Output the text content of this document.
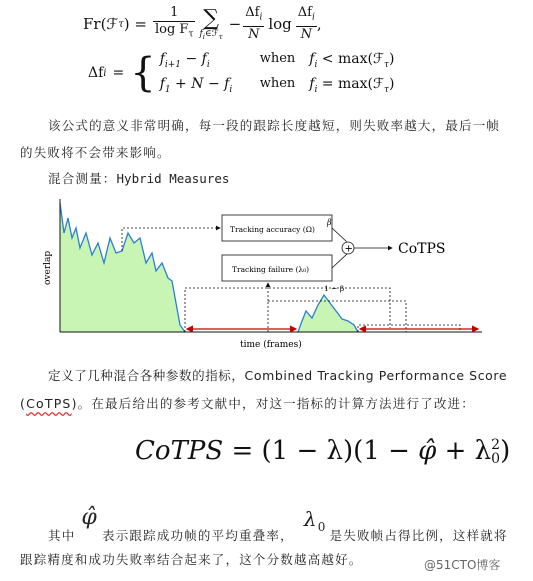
Fr(ℱ τ ) = $\frac{1}{\log F_\tau}$ ∑
$f_i\in ℱ_\tau$
− $\frac{\Delta f_i}{N}$ $\log \frac{\Delta f_i}{N}$ ,
Δf i = { $f_{i+1} - f_i$	when $f_i$ < max(ℱ$_\tau$)
$f_1 + N - f_i$	when $f_i$ = max(ℱ$_\tau$)
该公式的意义非常明确，每一段的跟踪长度越短，则失败率越大，最后一帧
的失败将不会带来影响。
混合测量：Hybrid Measures
overlap
time (frames)
Tracking accuracy (Ω)
Tracking failure (λ₀)
β
1 − β
+	CoTPS
定义了几种混合各种参数的指标，Combined Tracking Performance Score
(CoTPS)。在最后给出的参考文献中，对这一指标的计算方法进行了改进：
CoTPS = (1 − λ)(1 − φ̂ + λ 2
0 )
其中
φ̂
表示跟踪成功帧的平均重叠率，
$\lambda_0$
是失败帧占得比例，这样就将
跟踪精度和成功失败率结合起来了，这个分数越高越好。	@51CTO博客
